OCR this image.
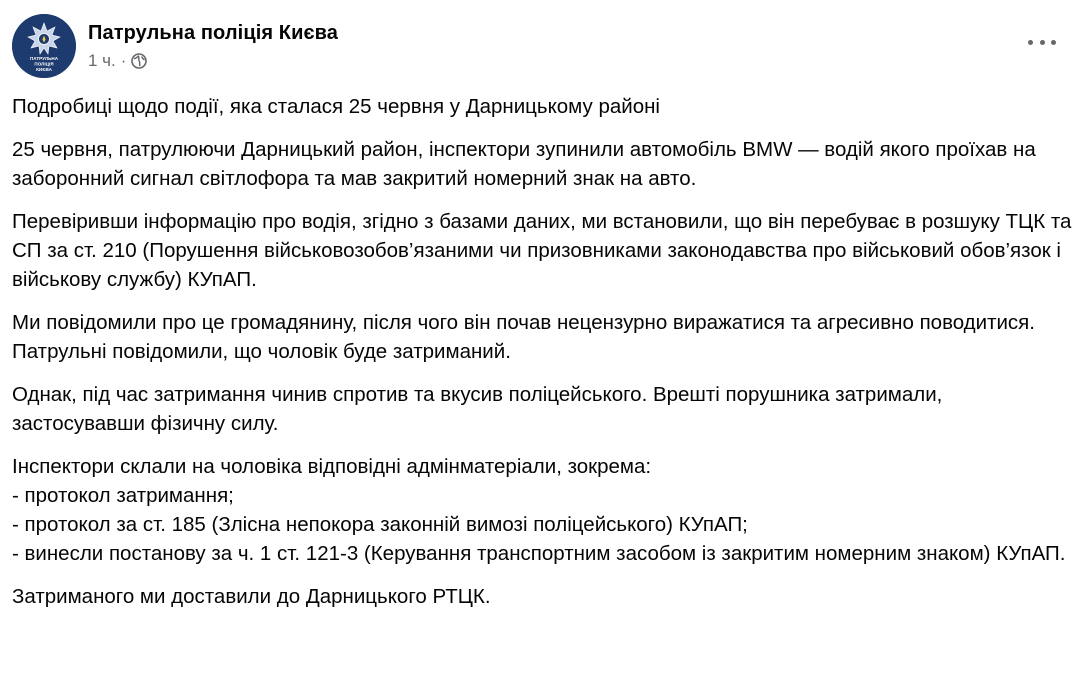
ПАТРУЛЬНА
ПОЛІЦІЯ
КИЄВА
Патрульна поліція Києва
1 ч. ·

Подробиці щодо події, яка сталася 25 червня у Дарницькому районі

25 червня, патрулюючи Дарницький район, інспектори зупинили автомобіль BMW — водій якого проїхав на заборонний сигнал світлофора та мав закритий номерний знак на авто.

Перевіривши інформацію про водія, згідно з базами даних, ми встановили, що він перебуває в розшуку ТЦК та СП за ст. 210 (Порушення військовозобов’язаними чи призовниками законодавства про військовий обов’язок і військову службу) КУпАП.

Ми повідомили про це громадянину, після чого він почав нецензурно виражатися та агресивно поводитися. Патрульні повідомили, що чоловік буде затриманий.

Однак, під час затримання чинив спротив та вкусив поліцейського. Врешті порушника затримали, застосувавши фізичну силу.

Інспектори склали на чоловіка відповідні адмінматеріали, зокрема:
- протокол затримання;
- протокол за ст. 185 (Злісна непокора законній вимозі поліцейського) КУпАП;
- винесли постанову за ч. 1 ст. 121-3 (Керування транспортним засобом із закритим номерним знаком) КУпАП.

Затриманого ми доставили до Дарницького РТЦК.
